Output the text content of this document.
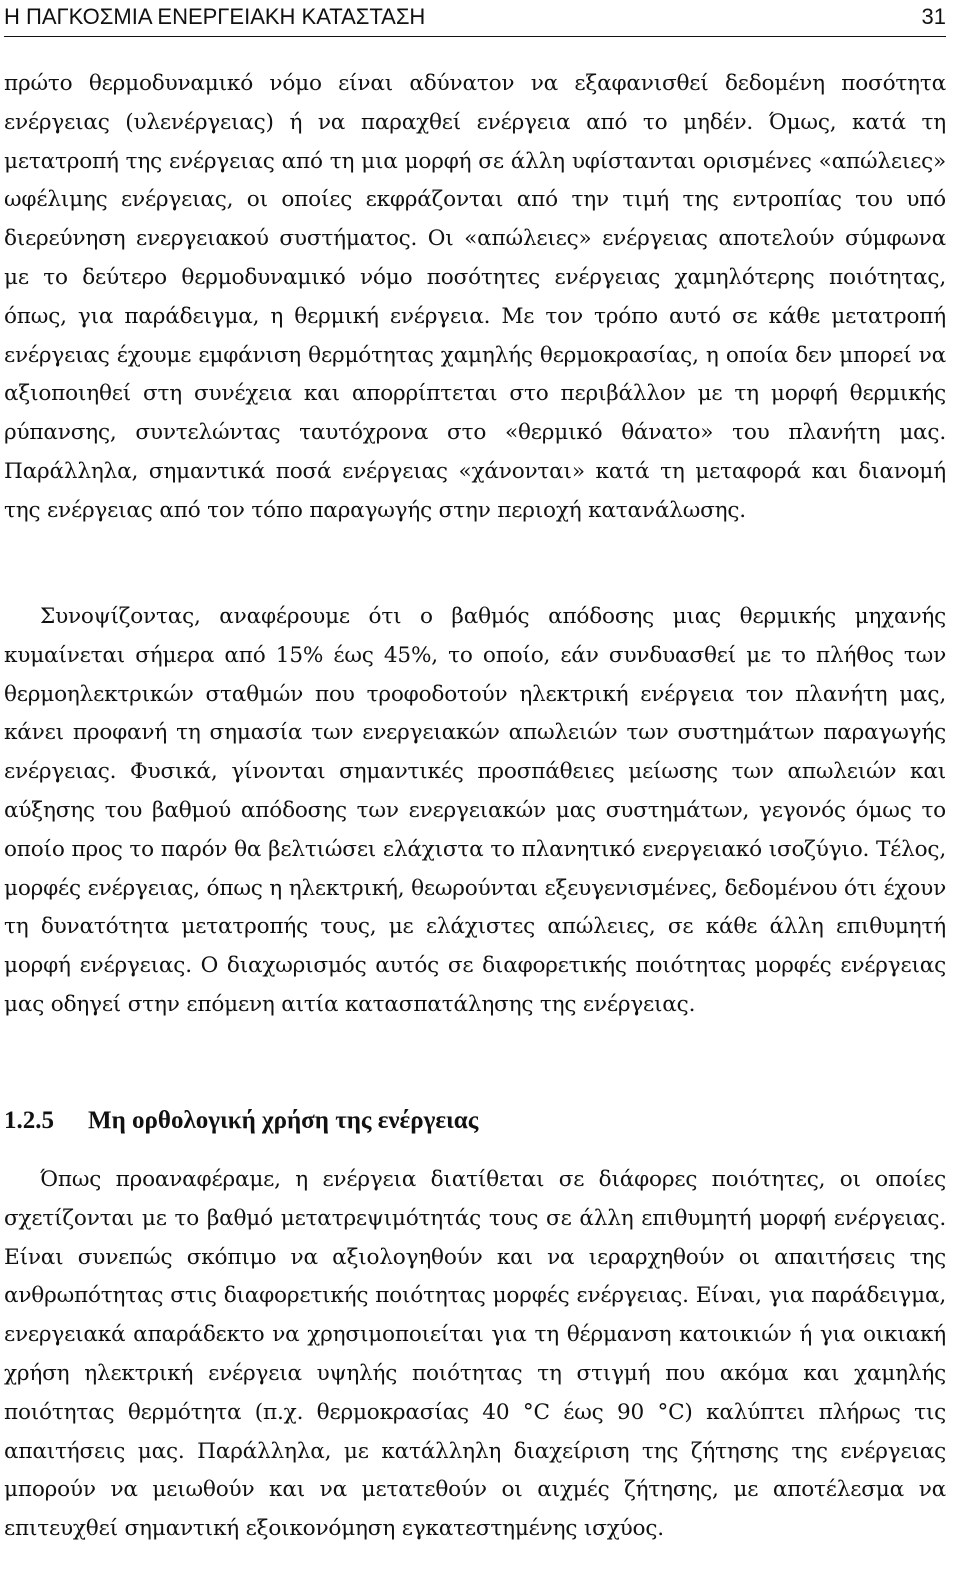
Η ΠΑΓΚΟΣΜΙΑ ΕΝΕΡΓΕΙΑΚΗ ΚΑΤΑΣΤΑΣΗ	31

πρώτο θερμοδυναμικό νόμο είναι αδύνατον να εξαφανισθεί δεδομένη ποσότητα ενέργειας (υλενέργειας) ή να παραχθεί ενέργεια από το μηδέν. Όμως, κατά τη μετατροπή της ενέργειας από τη μια μορφή σε άλλη υφίστανται ορισμένες «απώλειες» ωφέλιμης ενέργειας, οι οποίες εκφράζονται από την τιμή της εντροπίας του υπό διερεύνηση ενεργειακού συστήματος. Οι «απώλειες» ενέργειας αποτελούν σύμφωνα με το δεύτερο θερμοδυναμικό νόμο ποσότητες ενέργειας χαμηλότερης ποιότητας, όπως, για παράδειγμα, η θερμική ενέργεια. Με τον τρόπο αυτό σε κάθε μετατροπή ενέργειας έχουμε εμφάνιση θερμότητας χαμηλής θερμοκρασίας, η οποία δεν μπορεί να αξιοποιηθεί στη συνέχεια και απορρίπτεται στο περιβάλλον με τη μορφή θερμικής ρύπανσης, συντελώντας ταυτόχρονα στο «θερμικό θάνατο» του πλανήτη μας. Παράλληλα, σημαντικά ποσά ενέργειας «χάνονται» κατά τη μεταφορά και διανομή της ενέργειας από τον τόπο παραγωγής στην περιοχή κατανάλωσης.

Συνοψίζοντας, αναφέρουμε ότι ο βαθμός απόδοσης μιας θερμικής μηχανής κυμαίνεται σήμερα από 15% έως 45%, το οποίο, εάν συνδυασθεί με το πλήθος των θερμοηλεκτρικών σταθμών που τροφοδοτούν ηλεκτρική ενέργεια τον πλανήτη μας, κάνει προφανή τη σημασία των ενεργειακών απωλειών των συστημάτων παραγωγής ενέργειας. Φυσικά, γίνονται σημαντικές προσπάθειες μείωσης των απωλειών και αύξησης του βαθμού απόδοσης των ενεργειακών μας συστημάτων, γεγονός όμως το οποίο προς το παρόν θα βελτιώσει ελάχιστα το πλανητικό ενεργειακό ισοζύγιο. Τέλος, μορφές ενέργειας, όπως η ηλεκτρική, θεωρούνται εξευγενισμένες, δεδομένου ότι έχουν τη δυνατότητα μετατροπής τους, με ελάχιστες απώλειες, σε κάθε άλλη επιθυμητή μορφή ενέργειας. Ο διαχωρισμός αυτός σε διαφορετικής ποιότητας μορφές ενέργειας μας οδηγεί στην επόμενη αιτία κατασπατάλησης της ενέργειας.

1.2.5 Μη ορθολογική χρήση της ενέργειας

Όπως προαναφέραμε, η ενέργεια διατίθεται σε διάφορες ποιότητες, οι οποίες σχετίζονται με το βαθμό μετατρεψιμότητάς τους σε άλλη επιθυμητή μορφή ενέργειας. Είναι συνεπώς σκόπιμο να αξιολογηθούν και να ιεραρχηθούν οι απαιτήσεις της ανθρωπότητας στις διαφορετικής ποιότητας μορφές ενέργειας. Είναι, για παράδειγμα, ενεργειακά απαράδεκτο να χρησιμοποιείται για τη θέρμανση κατοικιών ή για οικιακή χρήση ηλεκτρική ενέργεια υψηλής ποιότητας τη στιγμή που ακόμα και χαμηλής ποιότητας θερμότητα (π.χ. θερμοκρασίας 40 °C έως 90 °C) καλύπτει πλήρως τις απαιτήσεις μας. Παράλληλα, με κατάλληλη διαχείριση της ζήτησης της ενέργειας μπορούν να μειωθούν και να μετατεθούν οι αιχμές ζήτησης, με αποτέλεσμα να επιτευχθεί σημαντική εξοικονόμηση εγκατεστημένης ισχύος.
